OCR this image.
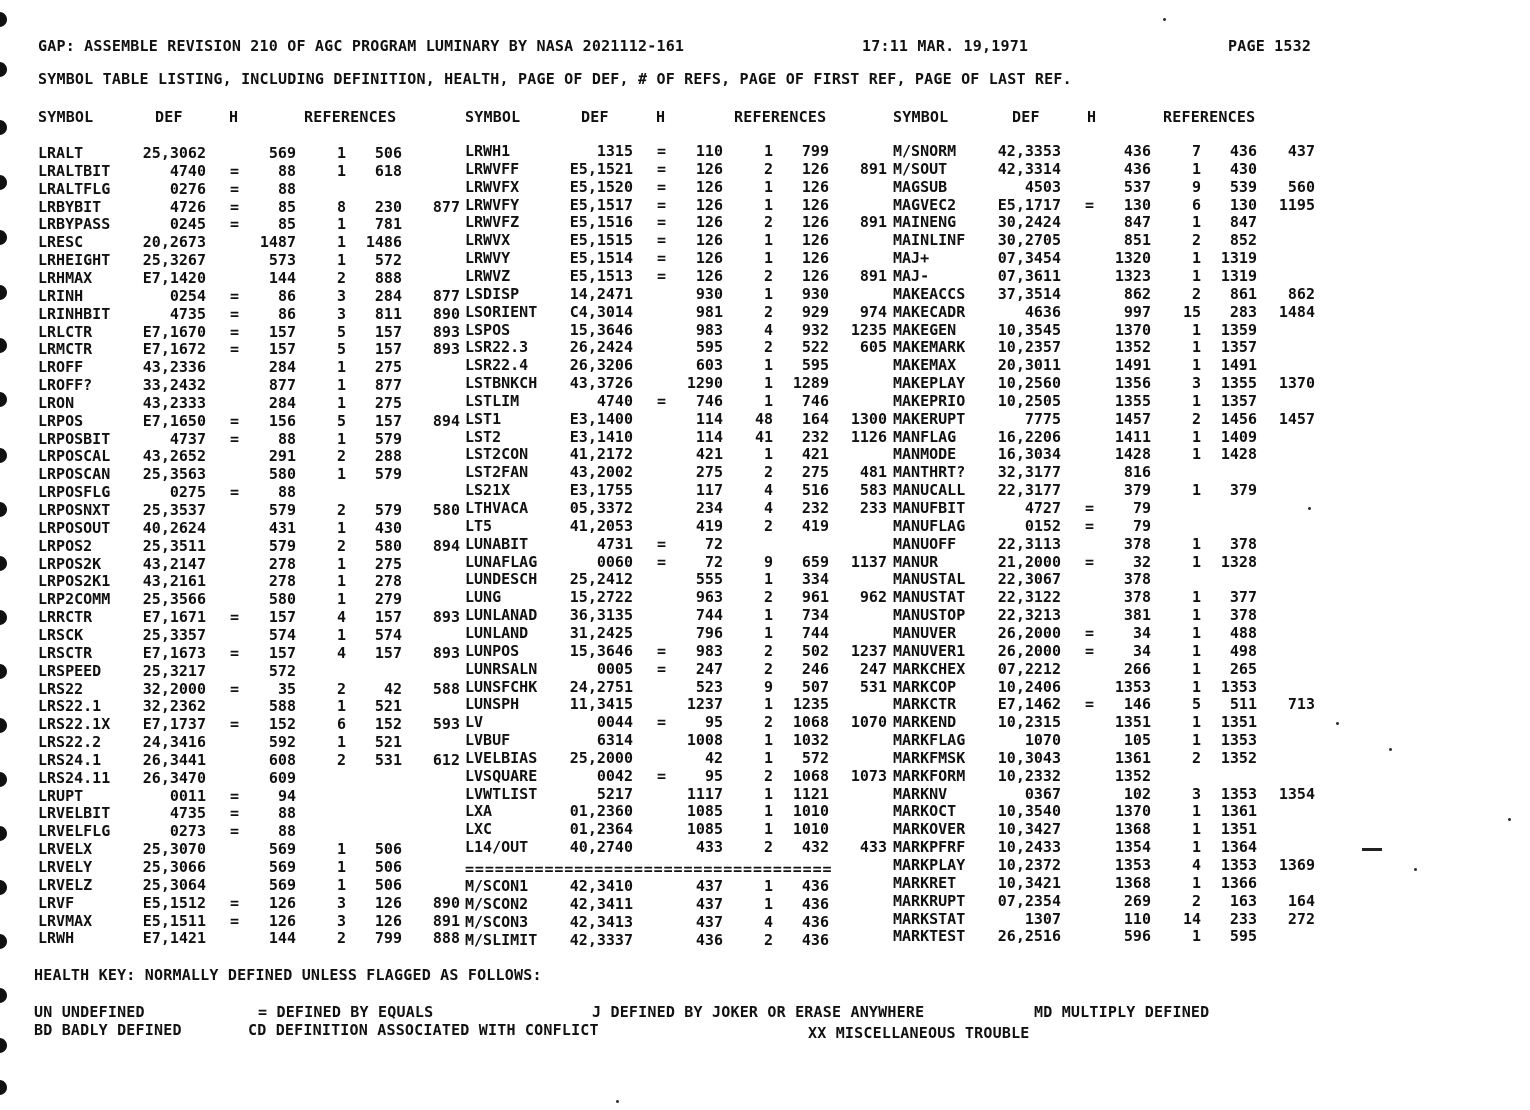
GAP: ASSEMBLE REVISION 210 OF AGC PROGRAM LUMINARY BY NASA 2021112-161	17:11 MAR. 19,1971	PAGE 1532
SYMBOL TABLE LISTING, INCLUDING DEFINITION, HEALTH, PAGE OF DEF, # OF REFS, PAGE OF FIRST REF, PAGE OF LAST REF.
SYMBOL	DEF	H	REFERENCES	SYMBOL	DEF	H	REFERENCES	SYMBOL	DEF	H	REFERENCES
LRALT	25,3062	569	1	506
LRALTBIT	4740 =	88	1	618
LRALTFLG	0276 =	88
LRBYBIT	4726 =	85	8	230	877
LRBYPASS	0245 =	85	1	781
LRESC	20,2673	1487	1	1486
LRHEIGHT	25,3267	573	1	572
LRHMAX	E7,1420	144	2	888
LRINH	0254 =	86	3	284	877
LRINHBIT	4735 =	86	3	811	890
LRLCTR	E7,1670 =	157	5	157	893
LRMCTR	E7,1672 =	157	5	157	893
LROFF	43,2336	284	1	275
LROFF?	33,2432	877	1	877
LRON	43,2333	284	1	275
LRPOS	E7,1650 =	156	5	157	894
LRPOSBIT	4737 =	88	1	579
LRPOSCAL	43,2652	291	2	288
LRPOSCAN	25,3563	580	1	579
LRPOSFLG	0275 =	88
LRPOSNXT	25,3537	579	2	579	580
LRPOSOUT	40,2624	431	1	430
LRPOS2	25,3511	579	2	580	894
LRPOS2K	43,2147	278	1	275
LRPOS2K1	43,2161	278	1	278
LRP2COMM	25,3566	580	1	279
LRRCTR	E7,1671 =	157	4	157	893
LRSCK	25,3357	574	1	574
LRSCTR	E7,1673 =	157	4	157	893
LRSPEED	25,3217	572
LRS22	32,2000 =	35	2	42	588
LRS22.1	32,2362	588	1	521
LRS22.1X	E7,1737 =	152	6	152	593
LRS22.2	24,3416	592	1	521
LRS24.1	26,3441	608	2	531	612
LRS24.11	26,3470	609
LRUPT	0011 =	94
LRVELBIT	4735 =	88
LRVELFLG	0273 =	88
LRVELX	25,3070	569	1	506
LRVELY	25,3066	569	1	506
LRVELZ	25,3064	569	1	506
LRVF	E5,1512 =	126	3	126	890
LRVMAX	E5,1511 =	126	3	126	891
LRWH	E7,1421	144	2	799	888
LRWH1	1315 =	110	1	799
LRWVFF	E5,1521 =	126	2	126	891
LRWVFX	E5,1520 =	126	1	126
LRWVFY	E5,1517 =	126	1	126
LRWVFZ	E5,1516 =	126	2	126	891
LRWVX	E5,1515 =	126	1	126
LRWVY	E5,1514 =	126	1	126
LRWVZ	E5,1513 =	126	2	126	891
LSDISP	14,2471	930	1	930
LSORIENT	C4,3014	981	2	929	974
LSPOS	15,3646	983	4	932	1235
LSR22.3	26,2424	595	2	522	605
LSR22.4	26,3206	603	1	595
LSTBNKCH	43,3726	1290	1	1289
LSTLIM	4740 =	746	1	746
LST1	E3,1400	114	48	164	1300
LST2	E3,1410	114	41	232	1126
LST2CON	41,2172	421	1	421
LST2FAN	43,2002	275	2	275	481
LS21X	E3,1755	117	4	516	583
LTHVACA	05,3372	234	4	232	233
LT5	41,2053	419	2	419
LUNABIT	4731 =	72
LUNAFLAG	0060 =	72	9	659	1137
LUNDESCH	25,2412	555	1	334
LUNG	15,2722	963	2	961	962
LUNLANAD	36,3135	744	1	734
LUNLAND	31,2425	796	1	744
LUNPOS	15,3646 =	983	2	502	1237
LUNRSALN	0005 =	247	2	246	247
LUNSFCHK	24,2751	523	9	507	531
LUNSPH	11,3415	1237	1	1235
LV	0044 =	95	2	1068	1070
LVBUF	6314	1008	1	1032
LVELBIAS	25,2000	42	1	572
LVSQUARE	0042 =	95	2	1068	1073
LVWTLIST	5217	1117	1	1121
LXA	01,2360	1085	1	1010
LXC	01,2364	1085	1	1010
L14/OUT	40,2740	433	2	432	433
M/SCON1	42,3410	437	1	436
M/SCON2	42,3411	437	1	436
M/SCON3	42,3413	437	4	436
M/SLIMIT	42,3337	436	2	436
=====================================
M/SNORM	42,3353	436	7	436	437
M/SOUT	42,3314	436	1	430
MAGSUB	4503	537	9	539	560
MAGVEC2	E5,1717 =	130	6	130	1195
MAINENG	30,2424	847	1	847
MAINLINF	30,2705	851	2	852
MAJ+	07,3454	1320	1	1319
MAJ-	07,3611	1323	1	1319
MAKEACCS	37,3514	862	2	861	862
MAKECADR	4636	997	15	283	1484
MAKEGEN	10,3545	1370	1	1359
MAKEMARK	10,2357	1352	1	1357
MAKEMAX	20,3011	1491	1	1491
MAKEPLAY	10,2560	1356	3	1355	1370
MAKEPRIO	10,2505	1355	1	1357
MAKERUPT	7775	1457	2	1456	1457
MANFLAG	16,2206	1411	1	1409
MANMODE	16,3034	1428	1	1428
MANTHRT?	32,3177	816
MANUCALL	22,3177	379	1	379
MANUFBIT	4727 =	79
MANUFLAG	0152 =	79
MANUOFF	22,3113	378	1	378
MANUR	21,2000 =	32	1	1328
MANUSTAL	22,3067	378
MANUSTAT	22,3122	378	1	377
MANUSTOP	22,3213	381	1	378
MANUVER	26,2000 =	34	1	488
MANUVER1	26,2000 =	34	1	498
MARKCHEX	07,2212	266	1	265
MARKCOP	10,2406	1353	1	1353
MARKCTR	E7,1462 =	146	5	511	713
MARKEND	10,2315	1351	1	1351
MARKFLAG	1070	105	1	1353
MARKFMSK	10,3043	1361	2	1352
MARKFORM	10,2332	1352
MARKNV	0367	102	3	1353	1354
MARKOCT	10,3540	1370	1	1361
MARKOVER	10,3427	1368	1	1351
MARKPFRF	10,2433	1354	1	1364
MARKPLAY	10,2372	1353	4	1353	1369
MARKRET	10,3421	1368	1	1366
MARKRUPT	07,2354	269	2	163	164
MARKSTAT	1307	110	14	233	272
MARKTEST	26,2516	596	1	595
HEALTH KEY: NORMALLY DEFINED UNLESS FLAGGED AS FOLLOWS:
UN UNDEFINED	= DEFINED BY EQUALS	J DEFINED BY JOKER OR ERASE ANYWHERE	MD MULTIPLY DEFINED
BD BADLY DEFINED	CD DEFINITION ASSOCIATED WITH CONFLICT	XX MISCELLANEOUS TROUBLE
